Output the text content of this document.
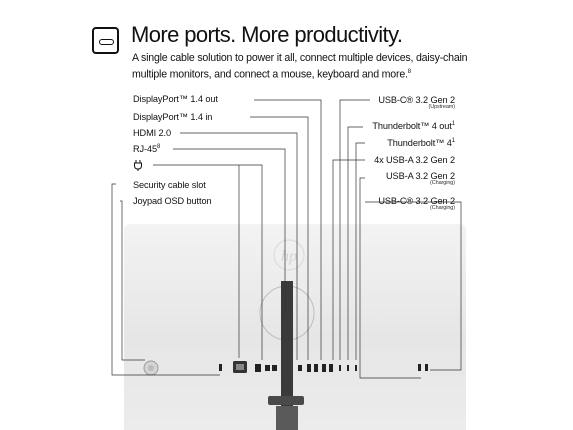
More ports. More productivity.
A single cable solution to power it all, connect multiple devices, daisy-chain multiple monitors, and connect a mouse, keyboard and more.$^8$
DisplayPort™ 1.4 out
DisplayPort™ 1.4 in
HDMI 2.0
$RJ-45^8$
Security cable slot
Joypad OSD button
USB-C® 3.2 Gen 2
(Upstream)
Thunderbolt™ 4 out$^1$
Thunderbolt™ $4^1$
4x USB-A 3.2 Gen 2
USB-A 3.2 Gen 2
(Charging)
USB-C® 3.2 Gen 2
(Charging)
hp
